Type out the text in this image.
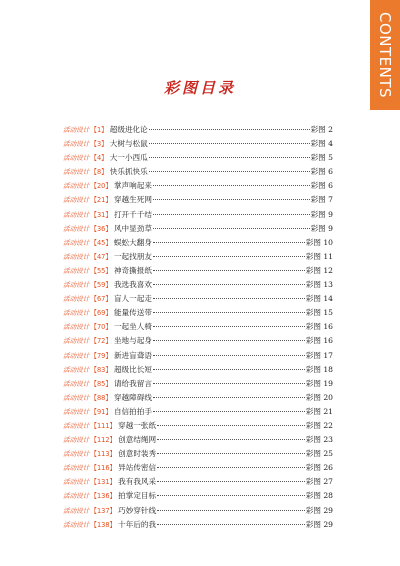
CONTENTS
彩图目录
活动设计 【1】 超级进化论	彩图 2
活动设计 【3】 大树与松鼠	彩图 4
活动设计 【4】 大一小西瓜	彩图 5
活动设计 【8】 快乐抓快乐	彩图 6
活动设计 【20】 掌声响起来	彩图 6
活动设计 【21】 穿越生死网	彩图 7
活动设计 【31】 打开千千结	彩图 9
活动设计 【36】 风中显劲草	彩图 9
活动设计 【45】 蜈蚣大翻身	彩图 10
活动设计 【47】 一起找朋友	彩图 11
活动设计 【55】 神奇撕报纸	彩图 12
活动设计 【59】 我选我喜欢	彩图 13
活动设计 【67】 盲人一起走	彩图 14
活动设计 【69】 能量传送带	彩图 15
活动设计 【70】 一起坐人椅	彩图 16
活动设计 【72】 坐地与起身	彩图 16
活动设计 【79】 新进盲聋语	彩图 17
活动设计 【83】 超级比长短	彩图 18
活动设计 【85】 请给我留言	彩图 19
活动设计 【88】 穿越障碍线	彩图 20
活动设计 【91】 自信拍拍手	彩图 21
活动设计 【111】 穿越一张纸	彩图 22
活动设计 【112】 创意结绳网	彩图 23
活动设计 【113】 创意时装秀	彩图 25
活动设计 【116】 异站传密信	彩图 26
活动设计 【131】 我有我风采	彩图 27
活动设计 【136】 拍掌定目标	彩图 28
活动设计 【137】 巧妙穿针线	彩图 29
活动设计 【138】 十年后的我	彩图 29
